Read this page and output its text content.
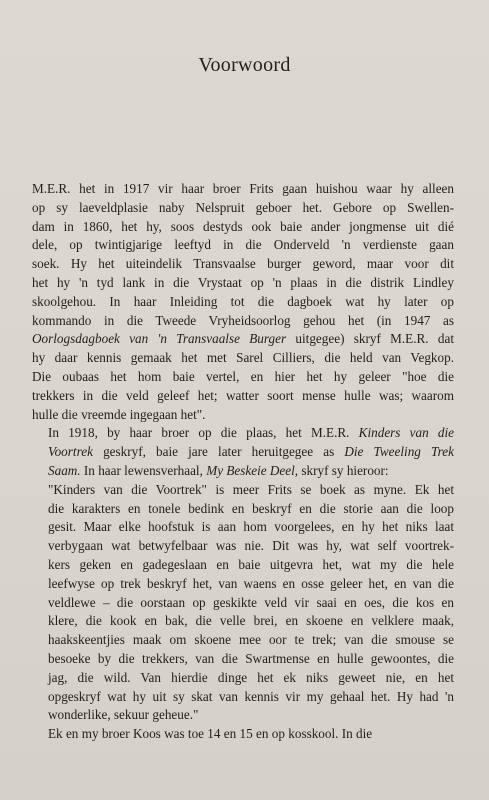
Voorwoord
M.E.R. het in 1917 vir haar broer Frits gaan huishou waar hy alleen
op sy laeveldplasie naby Nelspruit geboer het. Gebore op Swellen-
dam in 1860, het hy, soos destyds ook baie ander jongmense uit dié
dele, op twintigjarige leeftyd in die Onderveld 'n verdienste gaan
soek. Hy het uiteindelik Transvaalse burger geword, maar voor dit
het hy 'n tyd lank in die Vrystaat op 'n plaas in die distrik Lindley
skoolgehou. In haar Inleiding tot die dagboek wat hy later op
kommando in die Tweede Vryheidsoorlog gehou het (in 1947 as
Oorlogsdagboek van 'n Transvaalse Burger uitgegee) skryf M.E.R. dat
hy daar kennis gemaak het met Sarel Cilliers, die held van Vegkop.
Die oubaas het hom baie vertel, en hier het hy geleer "hoe die
trekkers in die veld geleef het; watter soort mense hulle was; waarom
hulle die vreemde ingegaan het".
In 1918, by haar broer op die plaas, het M.E.R. Kinders van die
Voortrek geskryf, baie jare later heruitgegee as Die Tweeling Trek
Saam. In haar lewensverhaal, My Beskeie Deel, skryf sy hieroor:
"Kinders van die Voortrek" is meer Frits se boek as myne. Ek het
die karakters en tonele bedink en beskryf en die storie aan die loop
gesit. Maar elke hoofstuk is aan hom voorgelees, en hy het niks laat
verbygaan wat betwyfelbaar was nie. Dit was hy, wat self voortrek-
kers geken en gadegeslaan en baie uitgevra het, wat my die hele
leefwyse op trek beskryf het, van waens en osse geleer het, en van die
veldlewe – die oorstaan op geskikte veld vir saai en oes, die kos en
klere, die kook en bak, die velle brei, en skoene en velklere maak,
haakskeentjies maak om skoene mee oor te trek; van die smouse se
besoeke by die trekkers, van die Swartmense en hulle gewoontes, die
jag, die wild. Van hierdie dinge het ek niks geweet nie, en het
opgeskryf wat hy uit sy skat van kennis vir my gehaal het. Hy had 'n
wonderlike, sekuur geheue."
Ek en my broer Koos was toe 14 en 15 en op kosskool. In die
